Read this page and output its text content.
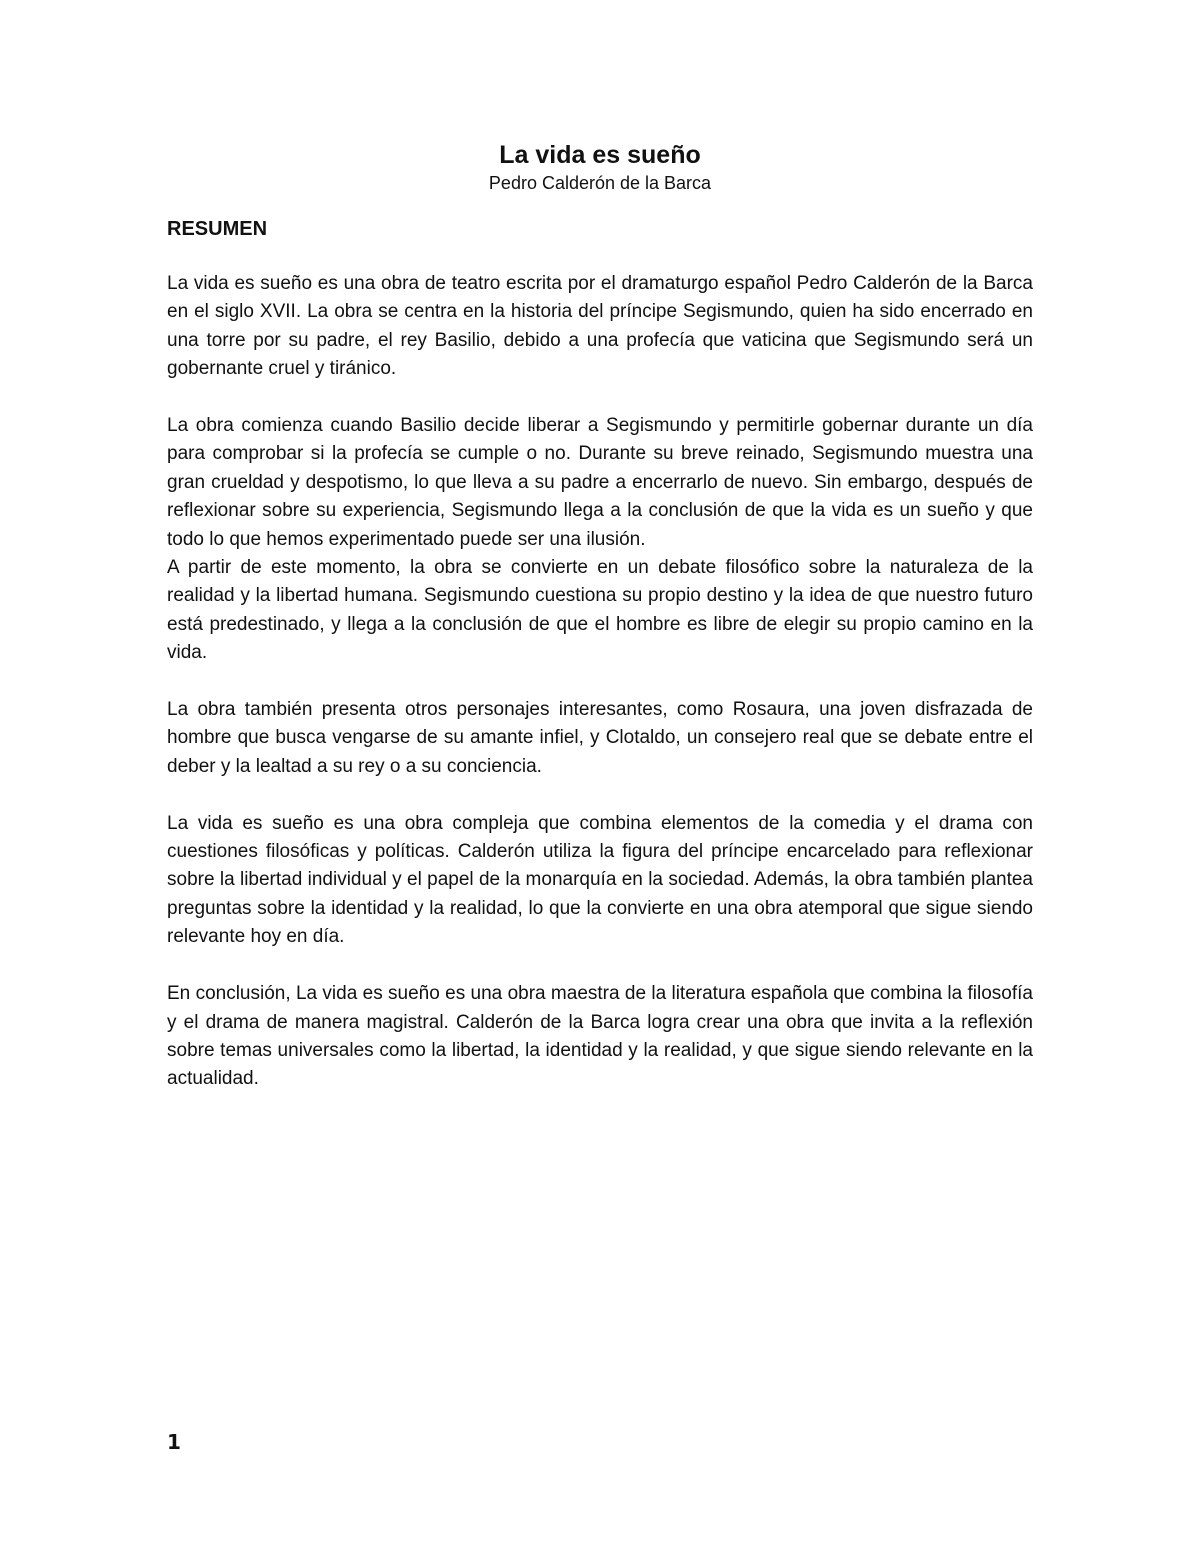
La vida es sueño

Pedro Calderón de la Barca

RESUMEN

La vida es sueño es una obra de teatro escrita por el dramaturgo español Pedro Calderón de la Barca en el siglo XVII. La obra se centra en la historia del príncipe Segismundo, quien ha sido encerrado en una torre por su padre, el rey Basilio, debido a una profecía que vaticina que Segismundo será un gobernante cruel y tiránico.

La obra comienza cuando Basilio decide liberar a Segismundo y permitirle gobernar durante un día para comprobar si la profecía se cumple o no. Durante su breve reinado, Segismundo muestra una gran crueldad y despotismo, lo que lleva a su padre a encerrarlo de nuevo. Sin embargo, después de reflexionar sobre su experiencia, Segismundo llega a la conclusión de que la vida es un sueño y que todo lo que hemos experimentado puede ser una ilusión.

A partir de este momento, la obra se convierte en un debate filosófico sobre la naturaleza de la realidad y la libertad humana. Segismundo cuestiona su propio destino y la idea de que nuestro futuro está predestinado, y llega a la conclusión de que el hombre es libre de elegir su propio camino en la vida.

La obra también presenta otros personajes interesantes, como Rosaura, una joven disfrazada de hombre que busca vengarse de su amante infiel, y Clotaldo, un consejero real que se debate entre el deber y la lealtad a su rey o a su conciencia.

La vida es sueño es una obra compleja que combina elementos de la comedia y el drama con cuestiones filosóficas y políticas. Calderón utiliza la figura del príncipe encarcelado para reflexionar sobre la libertad individual y el papel de la monarquía en la sociedad. Además, la obra también plantea preguntas sobre la identidad y la realidad, lo que la convierte en una obra atemporal que sigue siendo relevante hoy en día.

En conclusión, La vida es sueño es una obra maestra de la literatura española que combina la filosofía y el drama de manera magistral. Calderón de la Barca logra crear una obra que invita a la reflexión sobre temas universales como la libertad, la identidad y la realidad, y que sigue siendo relevante en la actualidad.

1
